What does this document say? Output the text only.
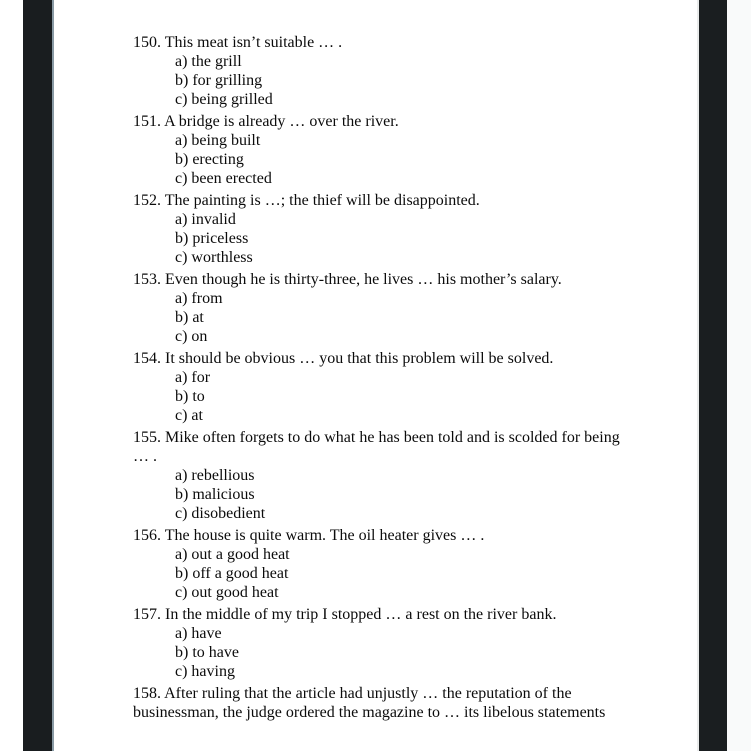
150. This meat isn’t suitable … .
a) the grill
b) for grilling
c) being grilled
151. A bridge is already … over the river.
a) being built
b) erecting
c) been erected
152. The painting is …; the thief will be disappointed.
a) invalid
b) priceless
c) worthless
153. Even though he is thirty-three, he lives … his mother’s salary.
a) from
b) at
c) on
154. It should be obvious … you that this problem will be solved.
a) for
b) to
c) at
155. Mike often forgets to do what he has been told and is scolded for being
… .
a) rebellious
b) malicious
c) disobedient
156. The house is quite warm. The oil heater gives … .
a) out a good heat
b) off a good heat
c) out good heat
157. In the middle of my trip I stopped … a rest on the river bank.
a) have
b) to have
c) having
158. After ruling that the article had unjustly … the reputation of the
businessman, the judge ordered the magazine to … its libelous statements
